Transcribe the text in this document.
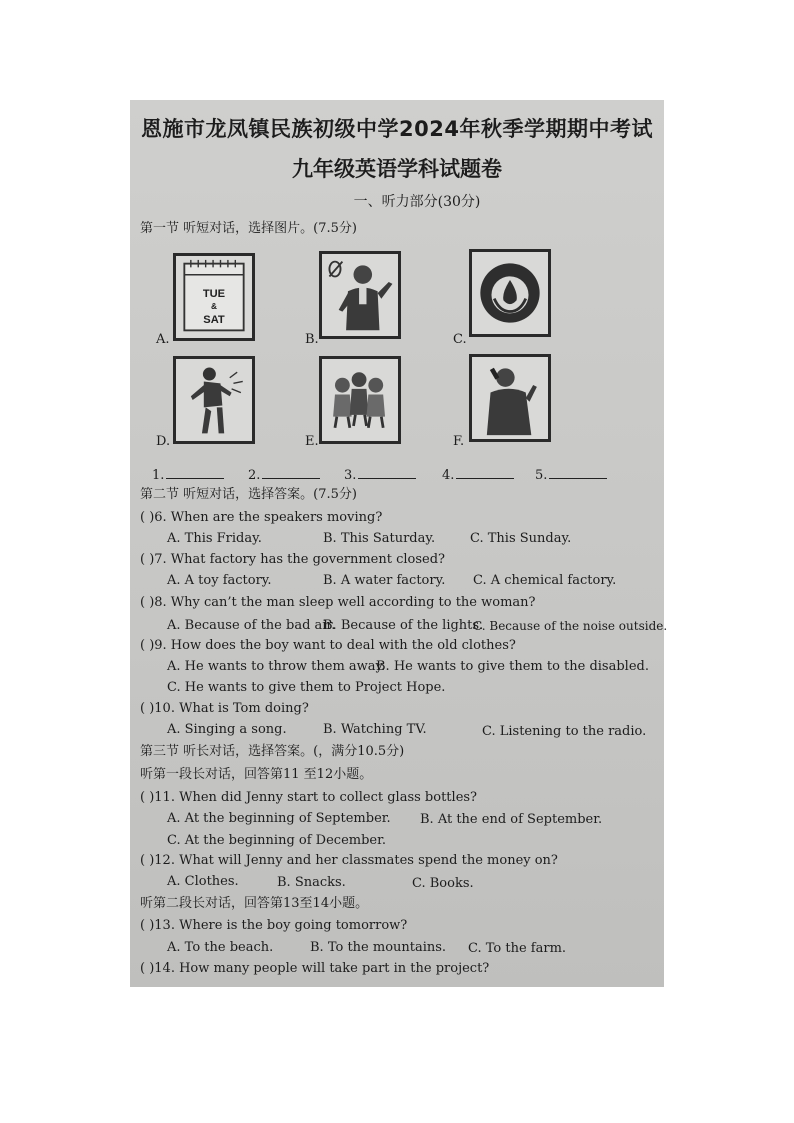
恩施市龙凤镇民族初级中学2024年秋季学期期中考试
九年级英语学科试题卷
一、听力部分(30分)
第一节 听短对话，选择图片。(7.5分)
A.
TUE
&
SAT
B.	C.
D.	E.	F.
1.	2.	3.	4.	5.
第二节 听短对话，选择答案。(7.5分)
( )6. When are the speakers moving?
A. This Friday.	B. This Saturday.	C. This Sunday.
( )7. What factory has the government closed?
A. A toy factory.	B. A water factory. C. A chemical factory.
( )8. Why can’t the man sleep well according to the woman?
A. Because of the bad air.
B. Because of the lights.
C. Because of the noise outside.
( )9. How does the boy want to deal with the old clothes?
A. He wants to throw them away.
B. He wants to give them to the disabled.
C. He wants to give them to Project Hope.
( )10. What is Tom doing?
A. Singing a song.	B. Watching TV.	C. Listening to the radio.
第三节 听长对话，选择答案。(，满分10.5分)
听第一段长对话，回答第11 至12小题。
( )11. When did Jenny start to collect glass bottles?
A. At the beginning of September. B. At the end of September.
C. At the beginning of December.
( )12. What will Jenny and her classmates spend the money on?
A. Clothes.	B. Snacks.	C. Books.
听第二段长对话，回答第13至14小题。
( )13. Where is the boy going tomorrow?
A. To the beach.	B. To the mountains. C. To the farm.
( )14. How many people will take part in the project?
